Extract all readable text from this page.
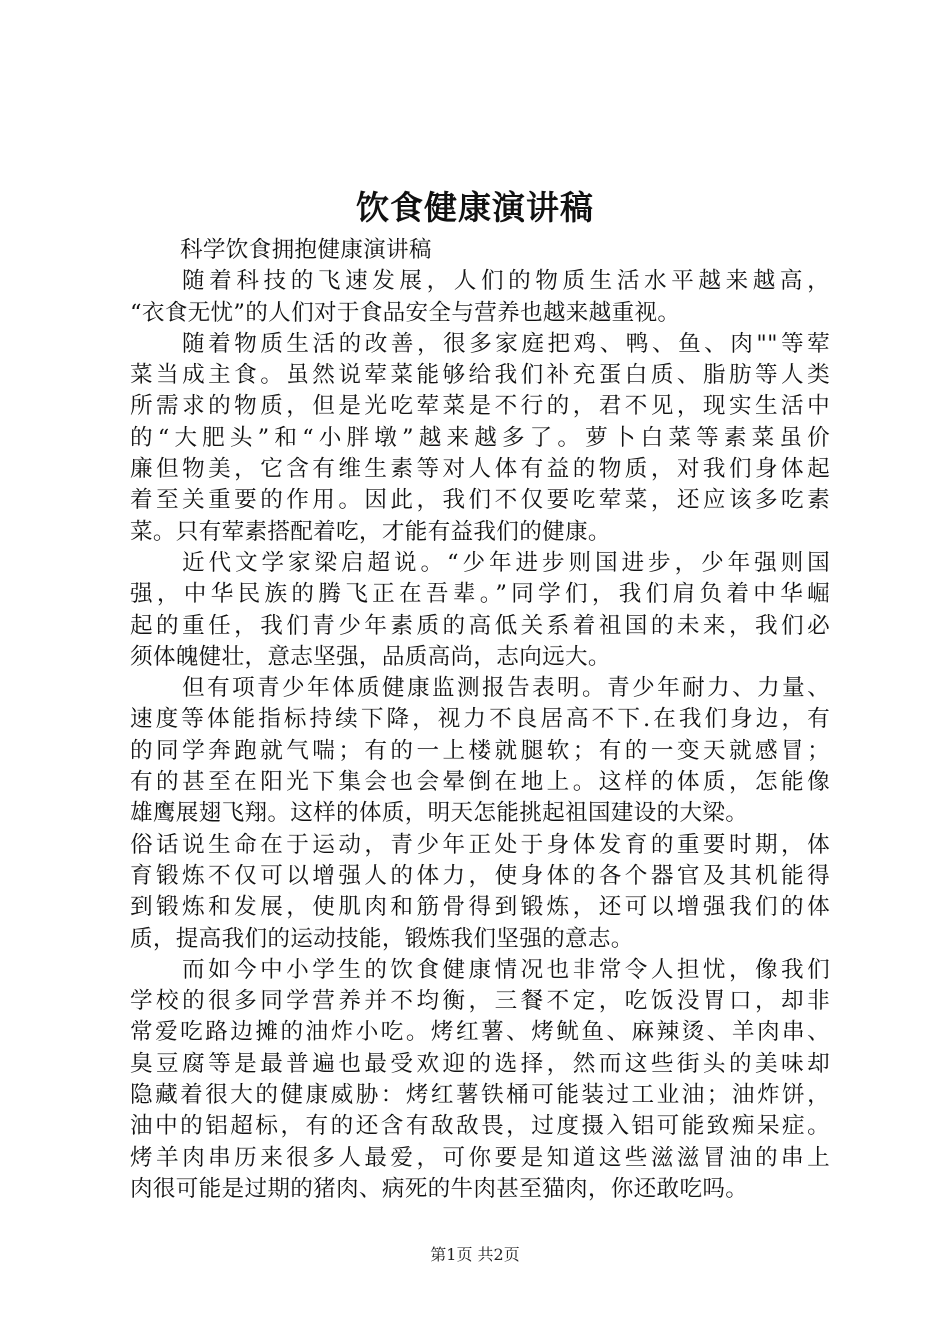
饮食健康演讲稿
科学饮食拥抱健康演讲稿
随着科技的飞速发展，人们的物质生活水平越来越高，
“衣食无忧”的人们对于食品安全与营养也越来越重视。
随着物质生活的改善，很多家庭把鸡、鸭、鱼、肉""等荤
菜当成主食。虽然说荤菜能够给我们补充蛋白质、脂肪等人类
所需求的物质，但是光吃荤菜是不行的，君不见，现实生活中
的“大肥头”和“小胖墩”越来越多了。萝卜白菜等素菜虽价
廉但物美，它含有维生素等对人体有益的物质，对我们身体起
着至关重要的作用。因此，我们不仅要吃荤菜，还应该多吃素
菜。只有荤素搭配着吃，才能有益我们的健康。
近代文学家梁启超说。“少年进步则国进步，少年强则国
强，中华民族的腾飞正在吾辈。”同学们，我们肩负着中华崛
起的重任，我们青少年素质的高低关系着祖国的未来，我们必
须体魄健壮，意志坚强，品质高尚，志向远大。
但有项青少年体质健康监测报告表明。青少年耐力、力量、
速度等体能指标持续下降，视力不良居高不下.在我们身边，有
的同学奔跑就气喘；有的一上楼就腿软；有的一变天就感冒；
有的甚至在阳光下集会也会晕倒在地上。这样的体质，怎能像
雄鹰展翅飞翔。这样的体质，明天怎能挑起祖国建设的大梁。
俗话说生命在于运动，青少年正处于身体发育的重要时期，体
育锻炼不仅可以增强人的体力，使身体的各个器官及其机能得
到锻炼和发展，使肌肉和筋骨得到锻炼，还可以增强我们的体
质，提高我们的运动技能，锻炼我们坚强的意志。
而如今中小学生的饮食健康情况也非常令人担忧，像我们
学校的很多同学营养并不均衡，三餐不定，吃饭没胃口，却非
常爱吃路边摊的油炸小吃。烤红薯、烤鱿鱼、麻辣烫、羊肉串、
臭豆腐等是最普遍也最受欢迎的选择，然而这些街头的美味却
隐藏着很大的健康威胁：烤红薯铁桶可能装过工业油；油炸饼，
油中的铝超标，有的还含有敌敌畏，过度摄入铝可能致痴呆症。
烤羊肉串历来很多人最爱，可你要是知道这些滋滋冒油的串上
肉很可能是过期的猪肉、病死的牛肉甚至猫肉，你还敢吃吗。
第1页 共2页
